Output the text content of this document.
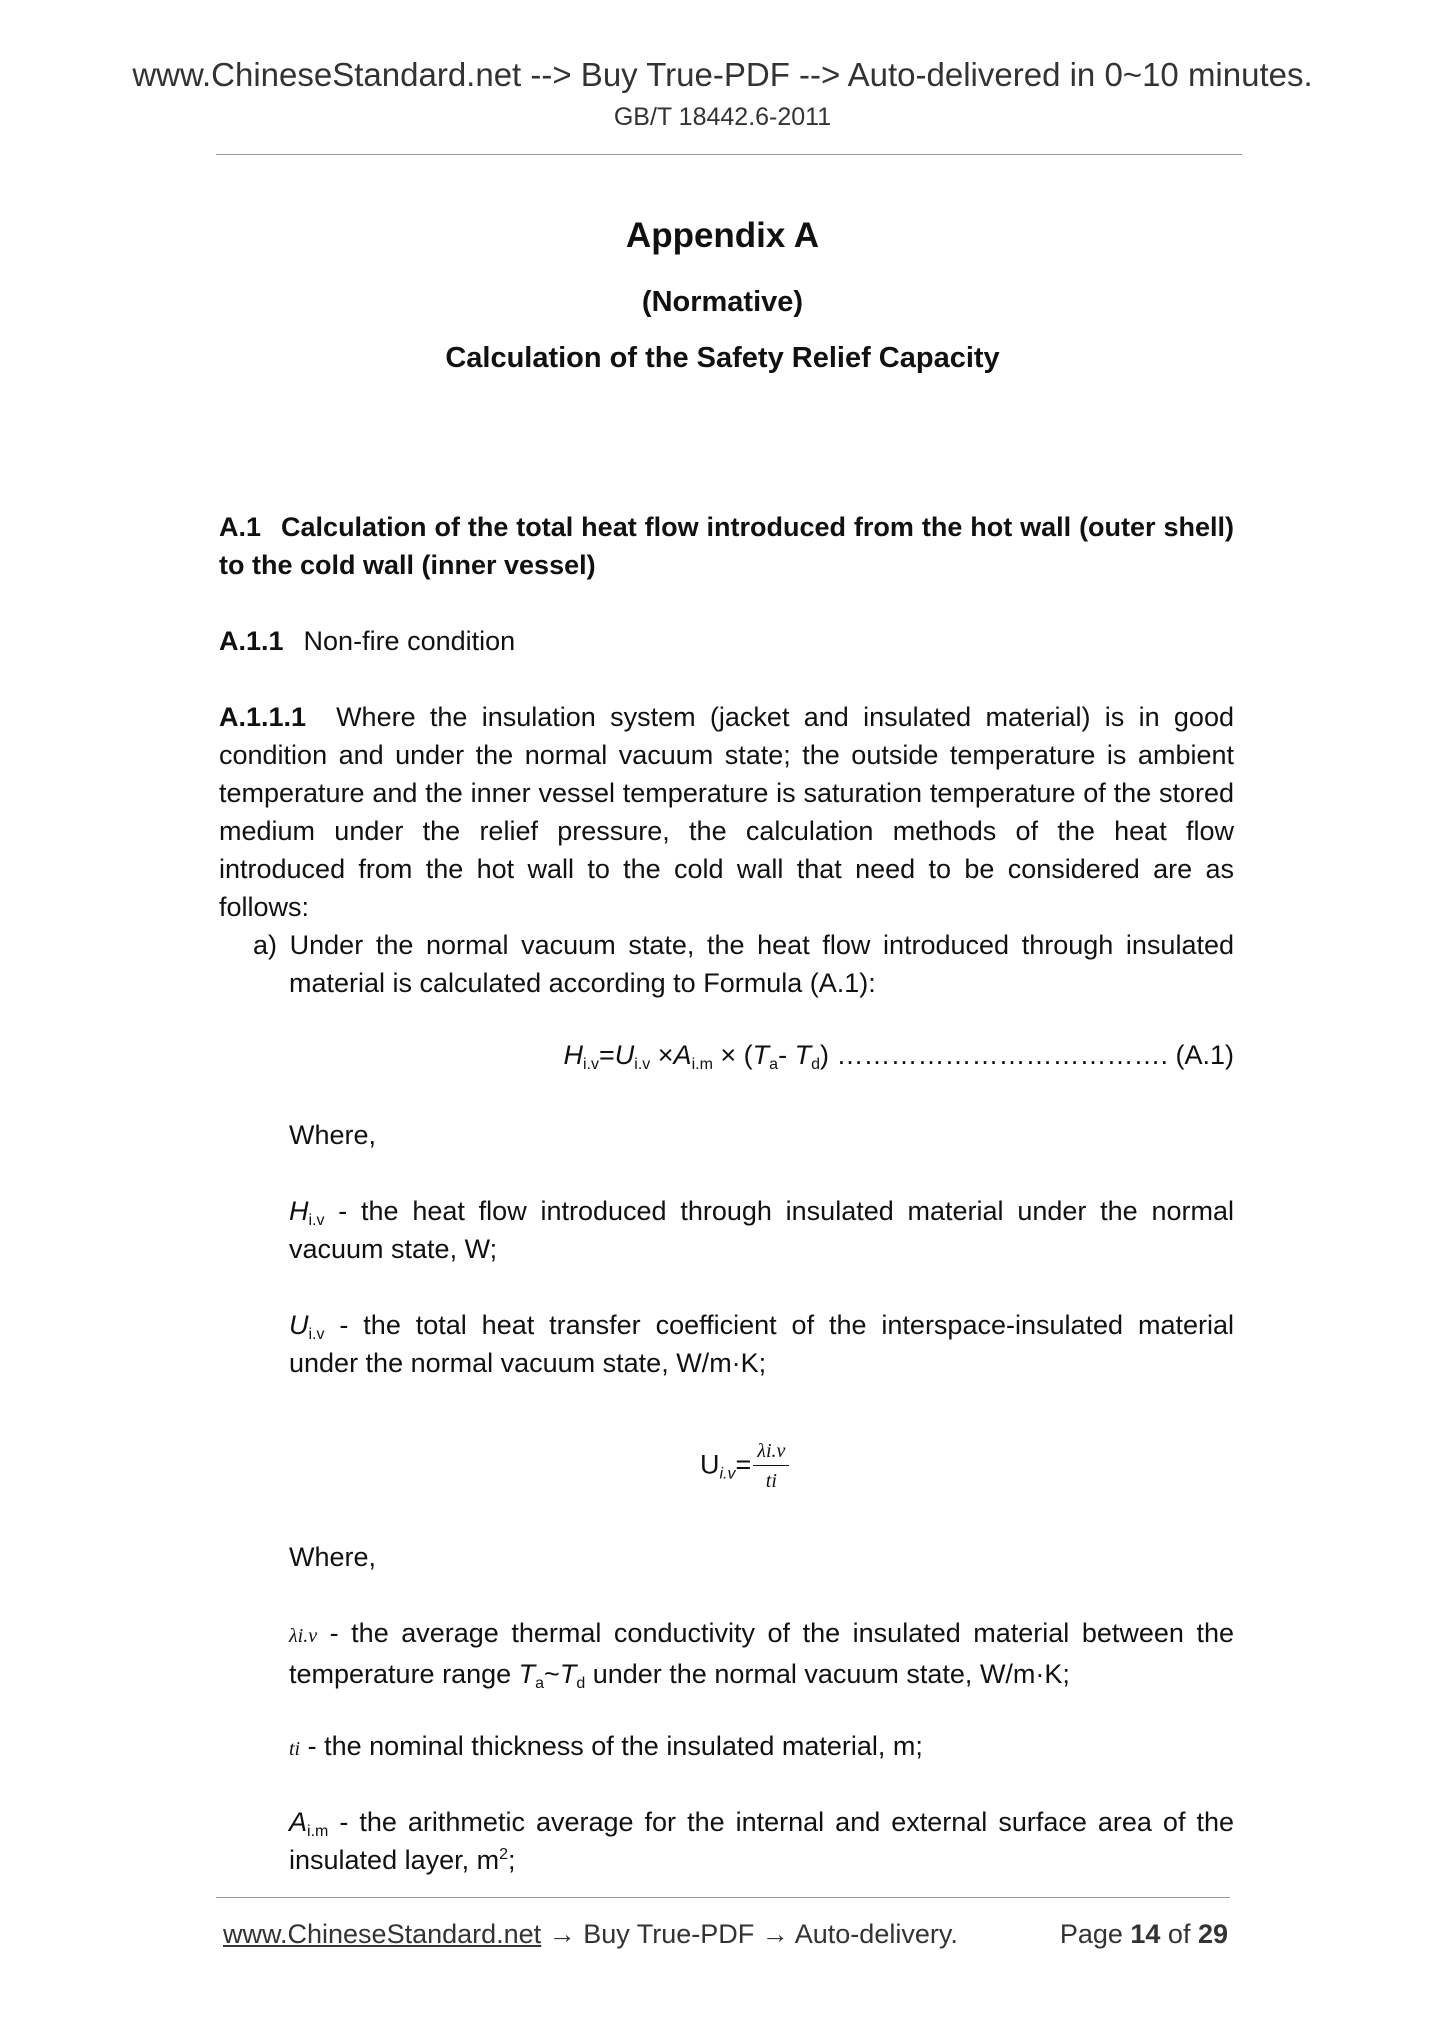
www.ChineseStandard.net --> Buy True-PDF --> Auto-delivered in 0~10 minutes.
GB/T 18442.6-2011
Appendix A
(Normative)
Calculation of the Safety Relief Capacity
A.1 Calculation of the total heat flow introduced from the hot wall (outer shell) to the cold wall (inner vessel)
A.1.1 Non-fire condition
A.1.1.1 Where the insulation system (jacket and insulated material) is in good condition and under the normal vacuum state; the outside temperature is ambient temperature and the inner vessel temperature is saturation temperature of the stored medium under the relief pressure, the calculation methods of the heat flow introduced from the hot wall to the cold wall that need to be considered are as follows:
a) Under the normal vacuum state, the heat flow introduced through insulated material is calculated according to Formula (A.1):
$H_{i.v}=U_{i.v} \times A_{i.m} \times (T_a-$ $T_d$) ………………………………. (A.1)
Where,
$H_{i.v}$ - the heat flow introduced through insulated material under the normal vacuum state, W;
$U_{i.v}$ - the total heat transfer coefficient of the interspace-insulated material under the normal vacuum state, W/m·K;
$U_{i.v}= \frac{\lambda i.v}{ti}$
Where,
λi.v - the average thermal conductivity of the insulated material between the temperature range $T_a\sim T_d$ under the normal vacuum state, W/m·K;
ti - the nominal thickness of the insulated material, m;
$A_{i.m}$ - the arithmetic average for the internal and external surface area of the insulated layer, $m^2$;
www.ChineseStandard.net → Buy True-PDF → Auto-delivery.	Page 14 of 29
